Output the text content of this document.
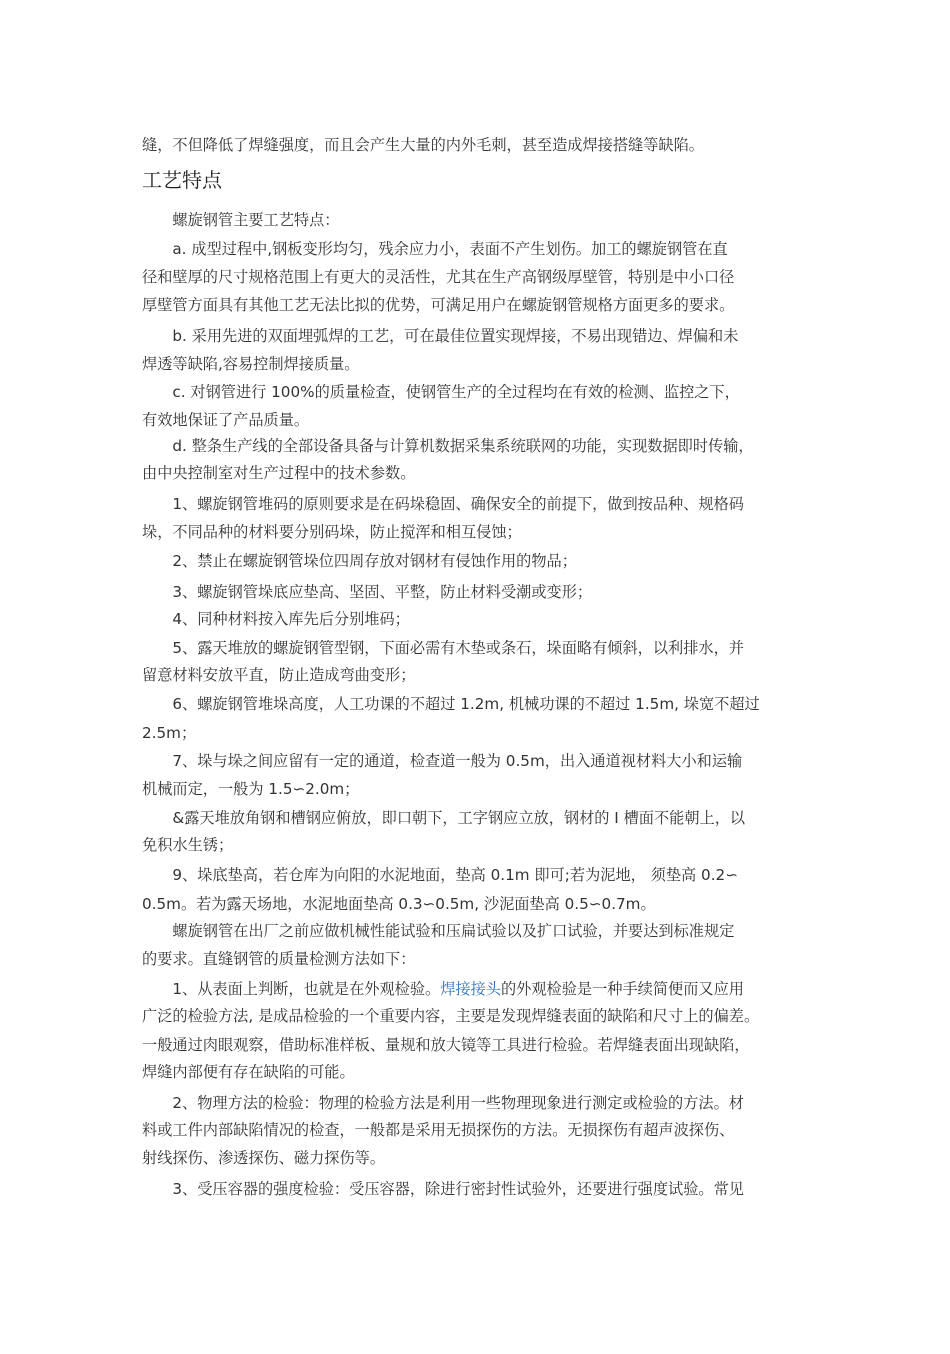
缝，不但降低了焊缝强度，而且会产生大量的内外毛刺，甚至造成焊接搭缝等缺陷。
工艺特点
　　螺旋钢管主要工艺特点：
　　a. 成型过程中,钢板变形均匀，残余应力小，表面不产生划伤。加工的螺旋钢管在直
径和壁厚的尺寸规格范围上有更大的灵活性，尤其在生产高钢级厚壁管，特别是中小口径
厚壁管方面具有其他工艺无法比拟的优势，可满足用户在螺旋钢管规格方面更多的要求。
　　b. 采用先进的双面埋弧焊的工艺，可在最佳位置实现焊接，不易出现错边、焊偏和未
焊透等缺陷,容易控制焊接质量。
　　c. 对钢管进行 100%的质量检查，使钢管生产的全过程均在有效的检测、监控之下，
有效地保证了产品质量。
　　d. 整条生产线的全部设备具备与计算机数据采集系统联网的功能，实现数据即时传输，
由中央控制室对生产过程中的技术参数。
　　1、螺旋钢管堆码的原则要求是在码垛稳固、确保安全的前提下，做到按品种、规格码
垛，不同品种的材料要分别码垛，防止搅浑和相互侵蚀；
　　2、禁止在螺旋钢管垛位四周存放对钢材有侵蚀作用的物品；
　　3、螺旋钢管垛底应垫高、坚固、平整，防止材料受潮或变形；
　　4、同种材料按入库先后分别堆码；
　　5、露天堆放的螺旋钢管型钢，下面必需有木垫或条石，垛面略有倾斜，以利排水，并
留意材料安放平直，防止造成弯曲变形；
　　6、螺旋钢管堆垛高度，人工功课的不超过 1.2m, 机械功课的不超过 1.5m, 垛宽不超过
2.5m；
　　7、垛与垛之间应留有一定的通道，检查道一般为 0.5m，出入通道视材料大小和运输
机械而定，一般为 1.5∽2.0m；
　　&露天堆放角钢和槽钢应俯放，即口朝下，工字钢应立放，钢材的 I 槽面不能朝上，以
免积水生锈；
　　9、垛底垫高，若仓库为向阳的水泥地面，垫高 0.1m 即可;若为泥地， 须垫高 0.2∽
0.5m。若为露天场地，水泥地面垫高 0.3∽0.5m, 沙泥面垫高 0.5∽0.7m。
　　螺旋钢管在出厂之前应做机械性能试验和压扁试验以及扩口试验，并要达到标准规定
的要求。直缝钢管的质量检测方法如下：
　　1、从表面上判断，也就是在外观检验。焊接接头的外观检验是一种手续简便而又应用
广泛的检验方法, 是成品检验的一个重要内容，主要是发现焊缝表面的缺陷和尺寸上的偏差。
一般通过肉眼观察，借助标准样板、量规和放大镜等工具进行检验。若焊缝表面出现缺陷，
焊缝内部便有存在缺陷的可能。
　　2、物理方法的检验：物理的检验方法是利用一些物理现象进行测定或检验的方法。材
料或工件内部缺陷情况的检查，一般都是采用无损探伤的方法。无损探伤有超声波探伤、
射线探伤、渗透探伤、磁力探伤等。
　　3、受压容器的强度检验：受压容器，除进行密封性试验外，还要进行强度试验。常见
